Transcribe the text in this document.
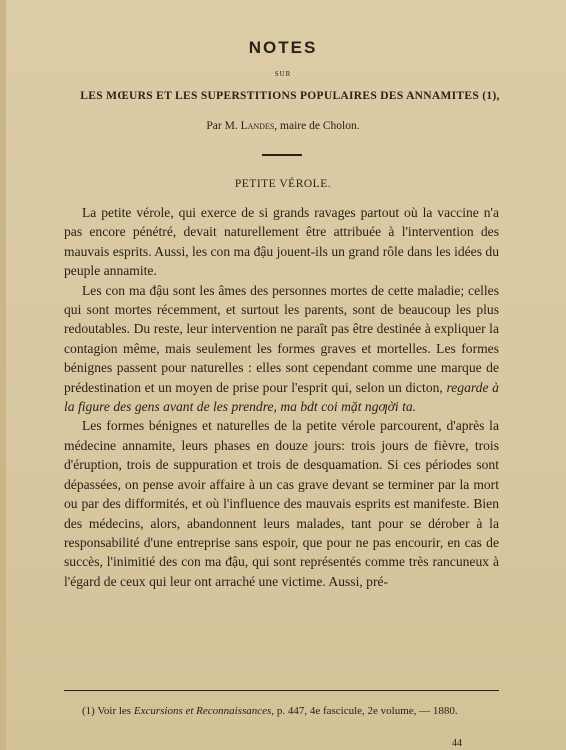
NOTES
SUR
LES MŒURS ET LES SUPERSTITIONS POPULAIRES DES ANNAMITES (1),
Par M. Landes, maire de Cholon.
PETITE VÉROLE.

La petite vérole, qui exerce de si grands ravages partout où la vaccine n'a pas encore pénétré, devait naturellement être attribuée à l'intervention des mauvais esprits. Aussi, les con ma đậu jouent-ils un grand rôle dans les idées du peuple annamite.

Les con ma đậu sont les âmes des personnes mortes de cette maladie; celles qui sont mortes récemment, et surtout les parents, sont de beaucoup les plus redoutables. Du reste, leur intervention ne paraît pas être destinée à expliquer la contagion même, mais seulement les formes graves et mortelles. Les formes bénignes passent pour naturelles : elles sont cependant comme une marque de prédestination et un moyen de prise pour l'esprit qui, selon un dicton, regarde à la figure des gens avant de les prendre, ma bdt coi mặt ngƣời ta.

Les formes bénignes et naturelles de la petite vérole parcourent, d'après la médecine annamite, leurs phases en douze jours: trois jours de fièvre, trois d'éruption, trois de suppuration et trois de desquamation. Si ces périodes sont dépassées, on pense avoir affaire à un cas grave devant se terminer par la mort ou par des difformités, et où l'influence des mauvais esprits est manifeste. Bien des médecins, alors, abandonnent leurs malades, tant pour se dérober à la responsabilité d'une entreprise sans espoir, que pour ne pas encourir, en cas de succès, l'inimitié des con ma đậu, qui sont représentés comme très rancuneux à l'égard de ceux qui leur ont arraché une victime. Aussi, pré-

(1) Voir les Excursions et Reconnaissances, p. 447, 4e fascicule, 2e volume, — 1880.

44
